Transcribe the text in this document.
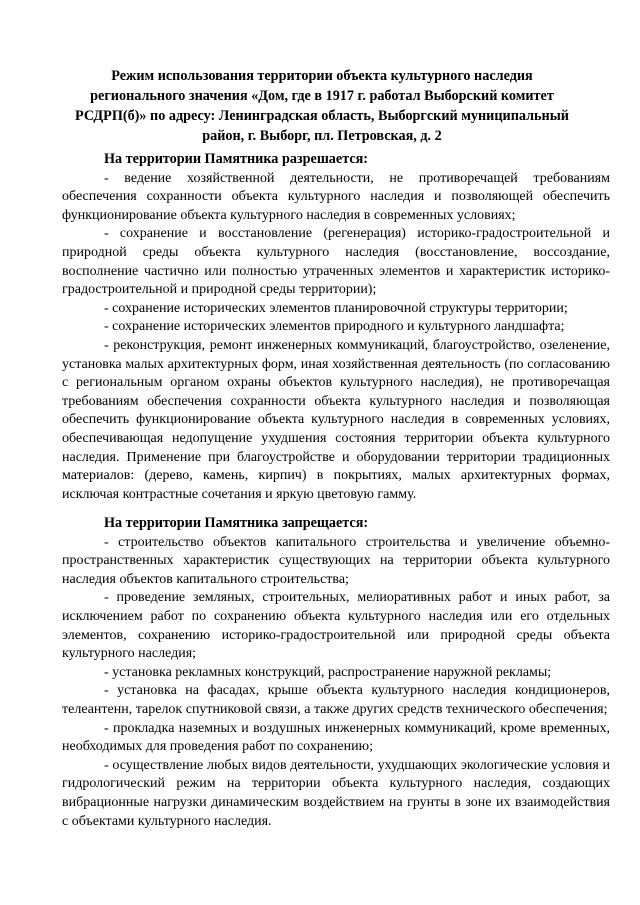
Режим использования территории объекта культурного наследия регионального значения «Дом, где в 1917 г. работал Выборский комитет РСДРП(б)» по адресу: Ленинградская область, Выборгский муниципальный район, г. Выборг, пл. Петровская, д. 2

На территории Памятника разрешается:

- ведение хозяйственной деятельности, не противоречащей требованиям обеспечения сохранности объекта культурного наследия и позволяющей обеспечить функционирование объекта культурного наследия в современных условиях;

- сохранение и восстановление (регенерация) историко-градостроительной и природной среды объекта культурного наследия (восстановление, воссоздание, восполнение частично или полностью утраченных элементов и характеристик историко-градостроительной и природной среды территории);

- сохранение исторических элементов планировочной структуры территории;

- сохранение исторических элементов природного и культурного ландшафта;

- реконструкция, ремонт инженерных коммуникаций, благоустройство, озеленение, установка малых архитектурных форм, иная хозяйственная деятельность (по согласованию с региональным органом охраны объектов культурного наследия), не противоречащая требованиям обеспечения сохранности объекта культурного наследия и позволяющая обеспечить функционирование объекта культурного наследия в современных условиях, обеспечивающая недопущение ухудшения состояния территории объекта культурного наследия. Применение при благоустройстве и оборудовании территории традиционных материалов: (дерево, камень, кирпич) в покрытиях, малых архитектурных формах, исключая контрастные сочетания и яркую цветовую гамму.

На территории Памятника запрещается:

- строительство объектов капитального строительства и увеличение объемно-пространственных характеристик существующих на территории объекта культурного наследия объектов капитального строительства;

- проведение земляных, строительных, мелиоративных работ и иных работ, за исключением работ по сохранению объекта культурного наследия или его отдельных элементов, сохранению историко-градостроительной или природной среды объекта культурного наследия;

- установка рекламных конструкций, распространение наружной рекламы;

- установка на фасадах, крыше объекта культурного наследия кондиционеров, телеантенн, тарелок спутниковой связи, а также других средств технического обеспечения;

- прокладка наземных и воздушных инженерных коммуникаций, кроме временных, необходимых для проведения работ по сохранению;

- осуществление любых видов деятельности, ухудшающих экологические условия и гидрологический режим на территории объекта культурного наследия, создающих вибрационные нагрузки динамическим воздействием на грунты в зоне их взаимодействия с объектами культурного наследия.
